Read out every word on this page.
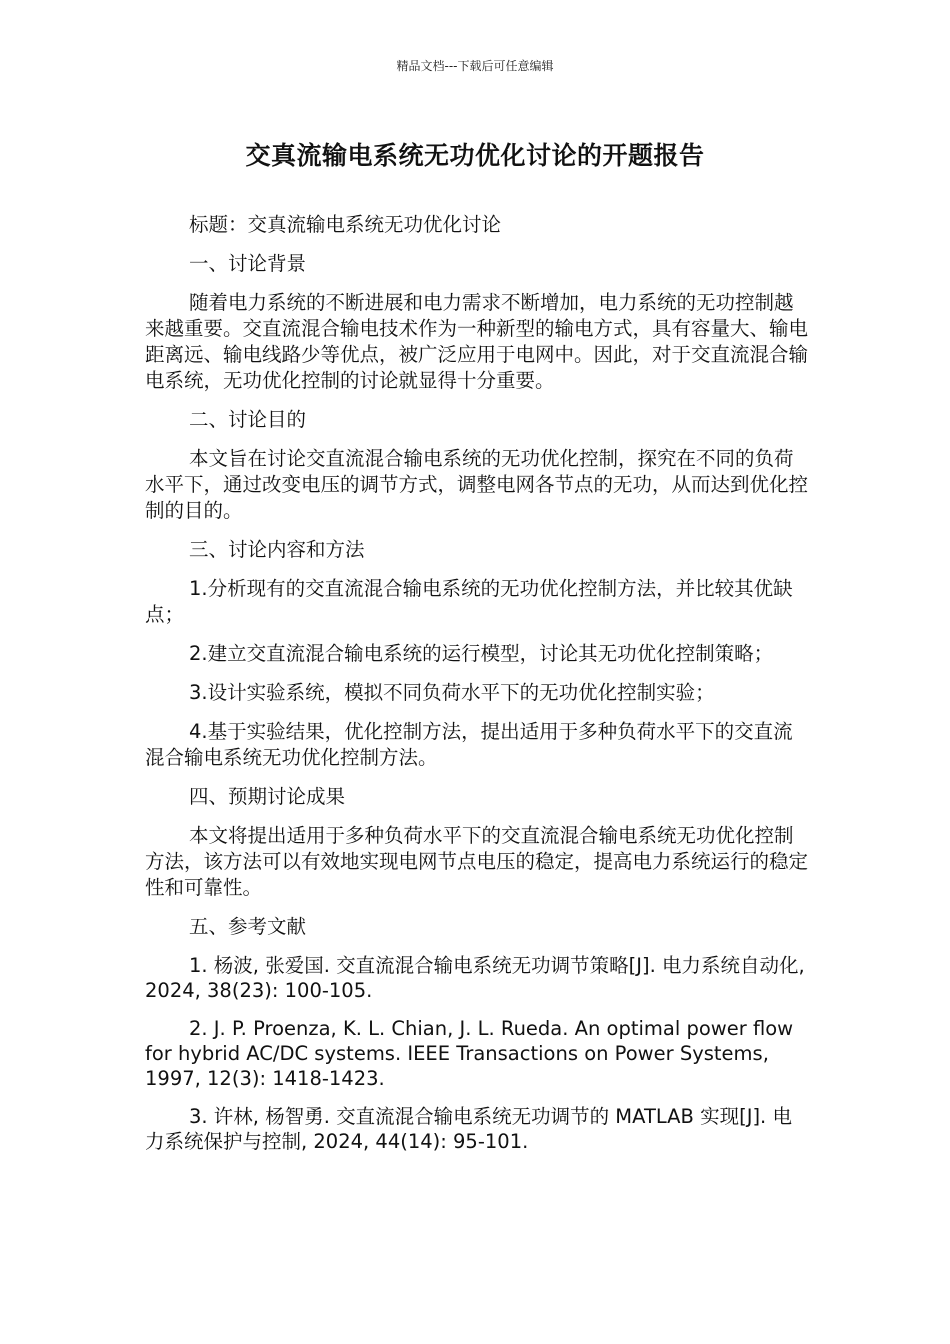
精品文档---下载后可任意编辑
交真流输电系统无功优化讨论的开题报告

标题：交真流输电系统无功优化讨论

一、讨论背景

随着电力系统的不断进展和电力需求不断增加，电力系统的无功控制越来越重要。交直流混合输电技术作为一种新型的输电方式，具有容量大、输电距离远、输电线路少等优点，被广泛应用于电网中。因此，对于交直流混合输电系统，无功优化控制的讨论就显得十分重要。

二、讨论目的

本文旨在讨论交直流混合输电系统的无功优化控制，探究在不同的负荷水平下，通过改变电压的调节方式，调整电网各节点的无功，从而达到优化控制的目的。

三、讨论内容和方法

1.分析现有的交直流混合输电系统的无功优化控制方法，并比较其优缺点；

2.建立交直流混合输电系统的运行模型，讨论其无功优化控制策略；

3.设计实验系统，模拟不同负荷水平下的无功优化控制实验；

4.基于实验结果，优化控制方法，提出适用于多种负荷水平下的交直流混合输电系统无功优化控制方法。

四、预期讨论成果

本文将提出适用于多种负荷水平下的交直流混合输电系统无功优化控制方法，该方法可以有效地实现电网节点电压的稳定，提高电力系统运行的稳定性和可靠性。

五、参考文献

1. 杨波, 张爱国. 交直流混合输电系统无功调节策略[J]. 电力系统自动化, 2024, 38(23): 100-105.

2. J. P. Proenza, K. L. Chian, J. L. Rueda. An optimal power flow for hybrid AC/DC systems. IEEE Transactions on Power Systems, 1997, 12(3): 1418-1423.

3. 许林, 杨智勇. 交直流混合输电系统无功调节的 MATLAB 实现[J]. 电力系统保护与控制, 2024, 44(14): 95-101.
